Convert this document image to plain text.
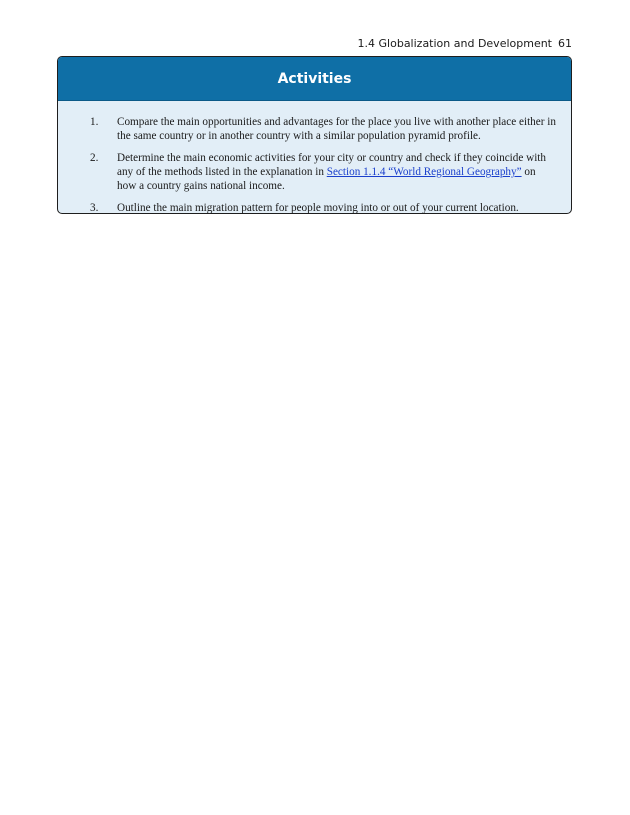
1.4 Globalization and Development 61
Activities
1.	Compare the main opportunities and advantages for the place you live with another place either in the same country or in another country with a similar population pyramid profile.
2.	Determine the main economic activities for your city or country and check if they coincide with any of the methods listed in the explanation in Section 1.1.4 “World Regional Geography” on how a country gains national income.
3.	Outline the main migration pattern for people moving into or out of your current location.
